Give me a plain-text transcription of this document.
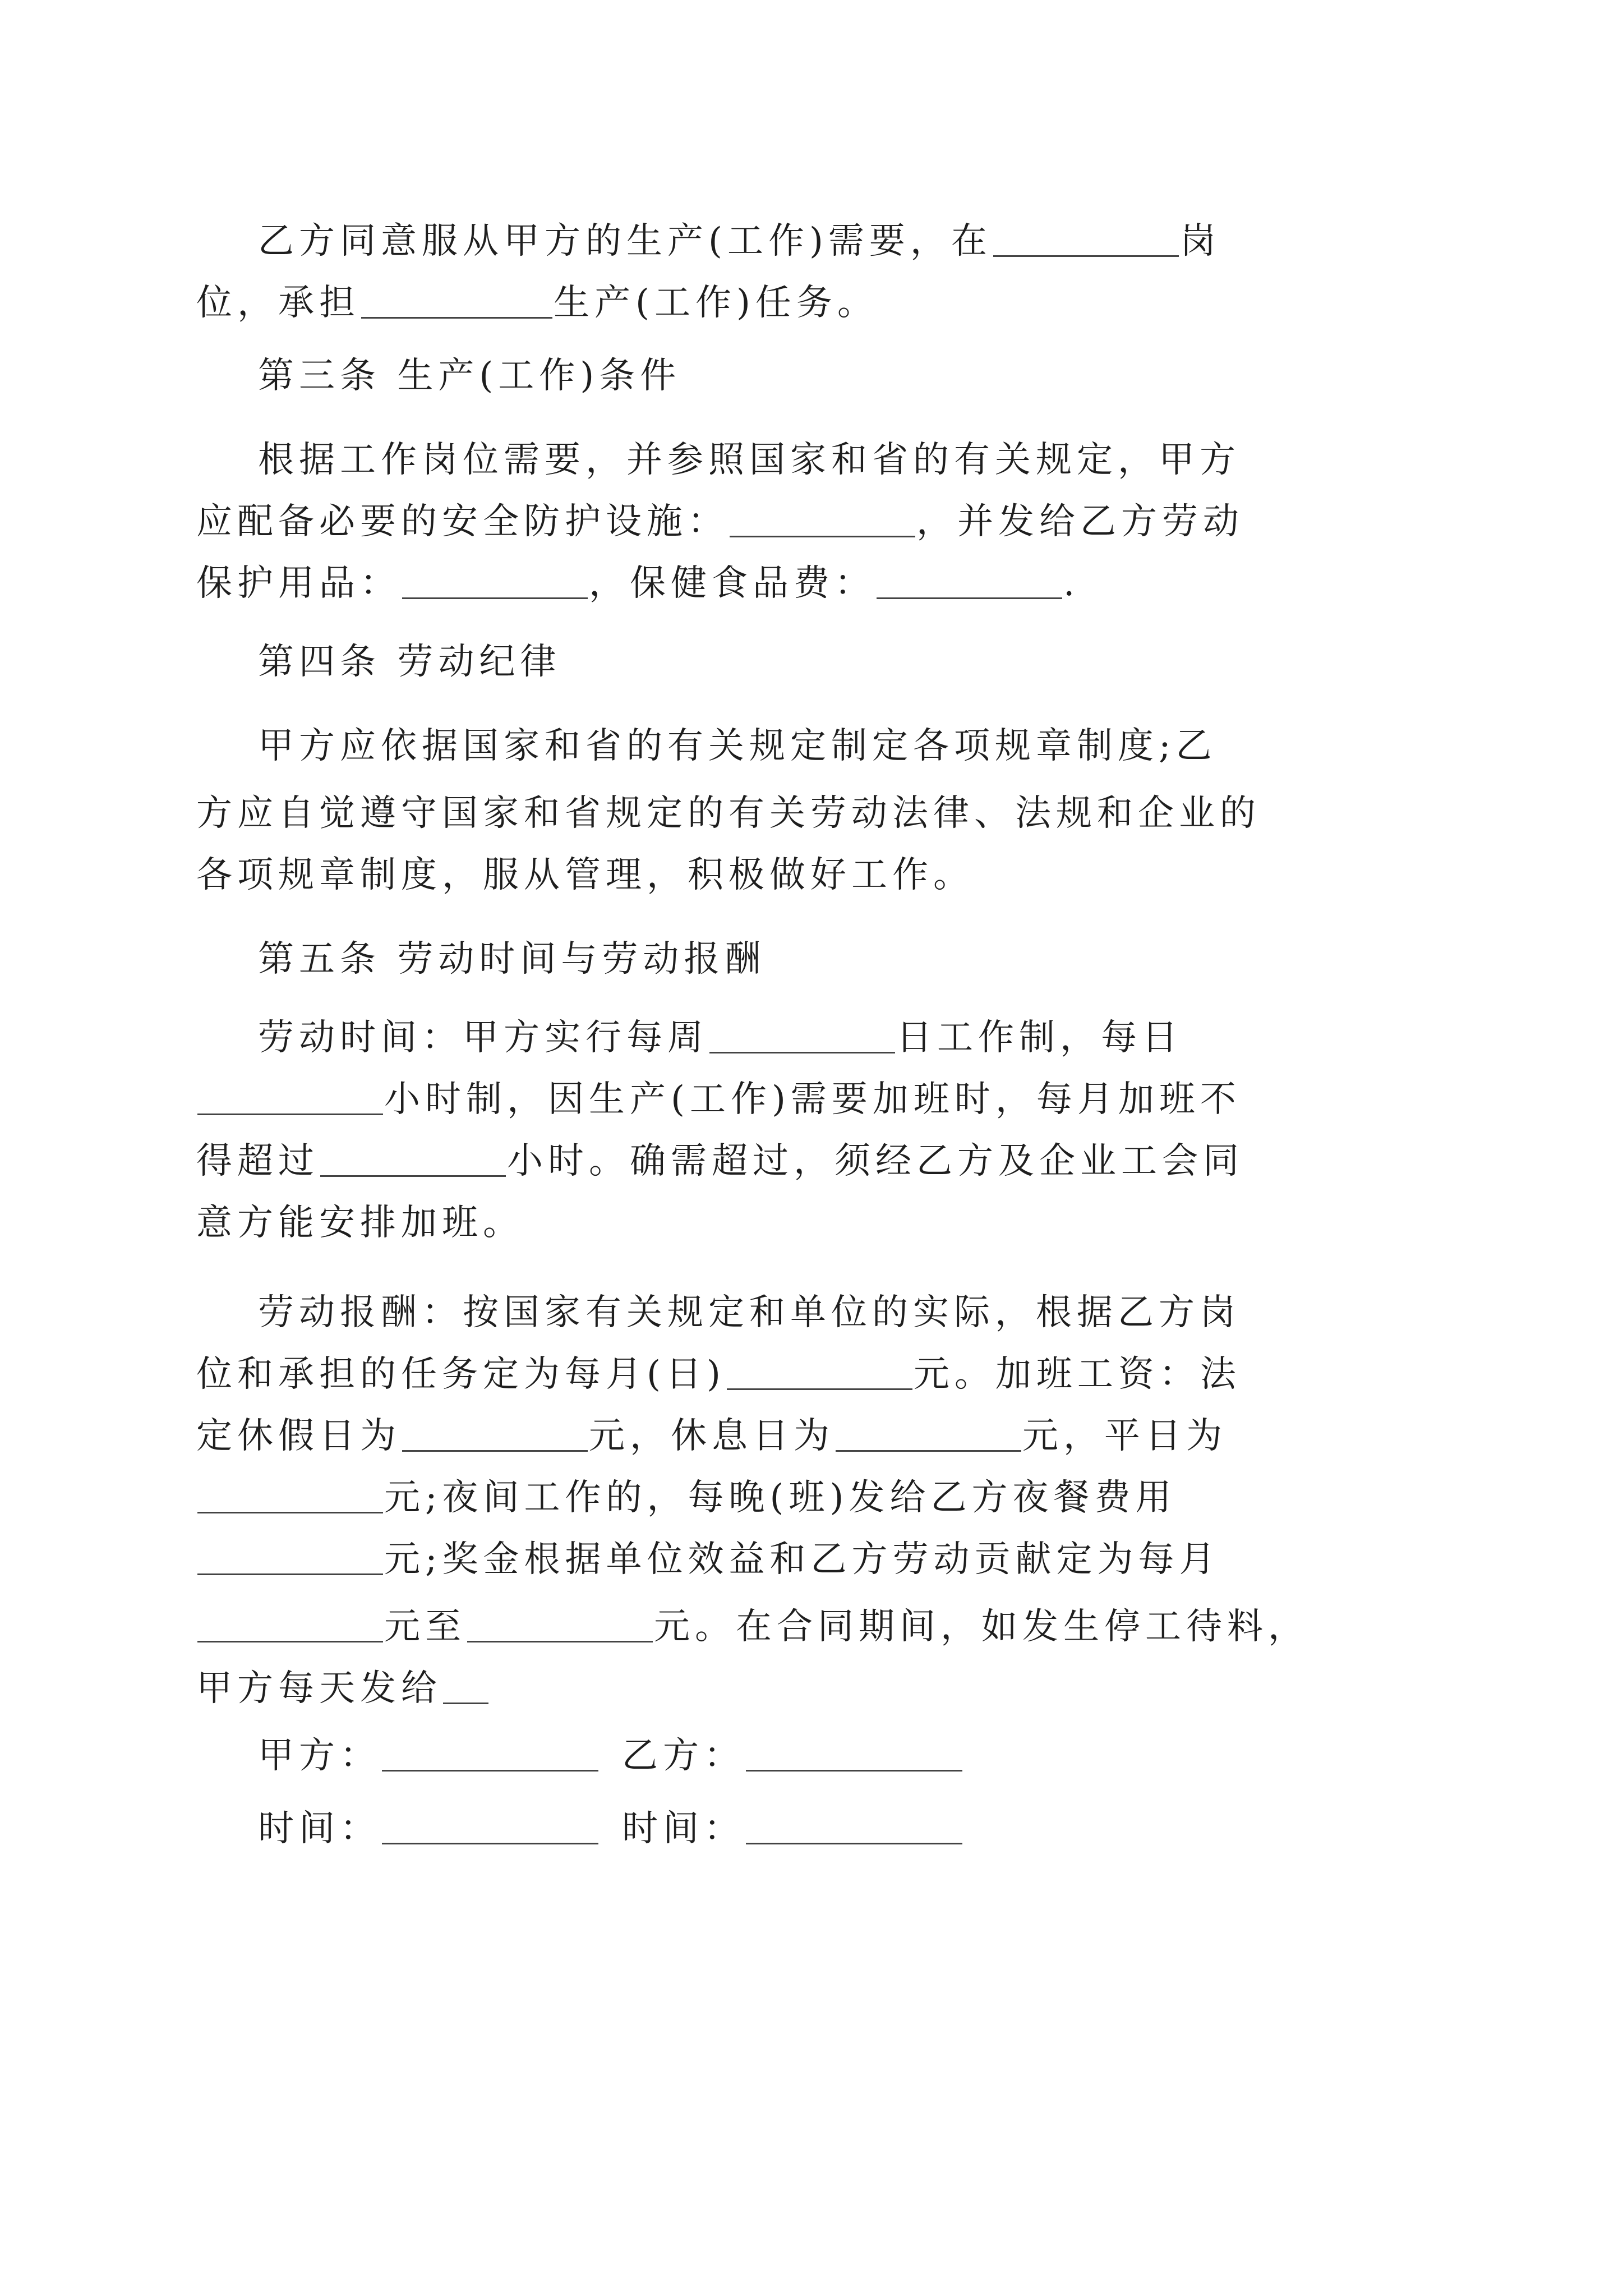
乙方同意服从甲方的生产(工作)需要，在	岗
位，承担	生产(工作)任务。
第三条 生产(工作)条件
根据工作岗位需要，并参照国家和省的有关规定，甲方
应配备必要的安全防护设施：	，并发给乙方劳动
保护用品：	，保健食品费：	.
第四条 劳动纪律
甲方应依据国家和省的有关规定制定各项规章制度;乙
方应自觉遵守国家和省规定的有关劳动法律、法规和企业的
各项规章制度，服从管理，积极做好工作。
第五条 劳动时间与劳动报酬
劳动时间：甲方实行每周	日工作制，每日
小时制，因生产(工作)需要加班时，每月加班不
得超过	小时。确需超过，须经乙方及企业工会同
意方能安排加班。
劳动报酬：按国家有关规定和单位的实际，根据乙方岗
位和承担的任务定为每月(日)	元。加班工资：法
定休假日为	元，休息日为	元，平日为
元;夜间工作的，每晚(班)发给乙方夜餐费用
元;奖金根据单位效益和乙方劳动贡献定为每月
元至	元。在合同期间，如发生停工待料，
甲方每天发给
甲方：	乙方：
时间：	时间：
